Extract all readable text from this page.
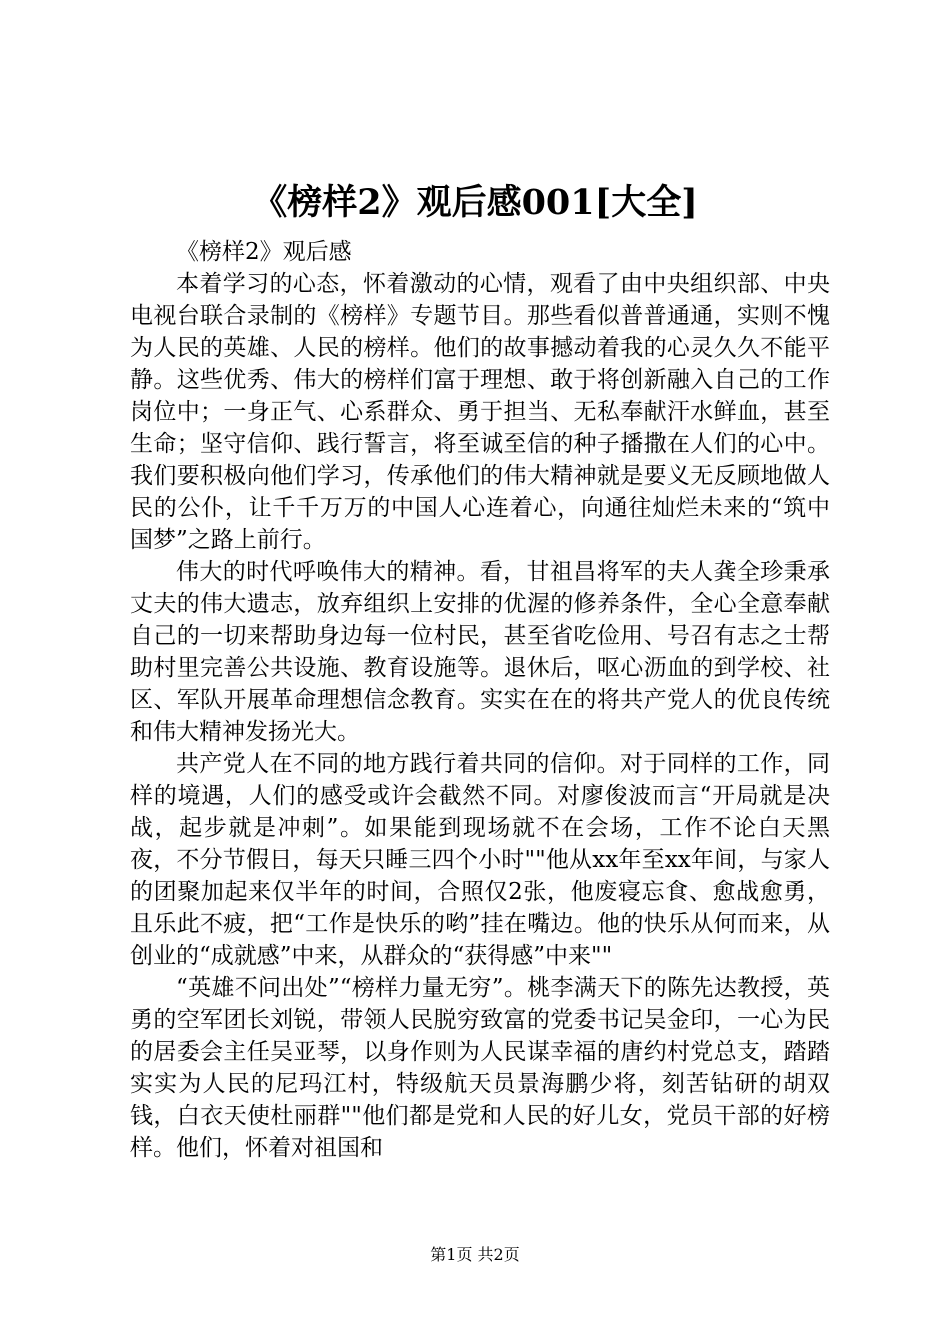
《榜样2》观后感001[大全]

《榜样2》观后感

本着学习的心态，怀着激动的心情，观看了由中央组织部、中央电视台联合录制的《榜样》专题节目。那些看似普普通通，实则不愧为人民的英雄、人民的榜样。他们的故事撼动着我的心灵久久不能平静。这些优秀、伟大的榜样们富于理想、敢于将创新融入自己的工作岗位中；一身正气、心系群众、勇于担当、无私奉献汗水鲜血，甚至生命；坚守信仰、践行誓言，将至诚至信的种子播撒在人们的心中。我们要积极向他们学习，传承他们的伟大精神就是要义无反顾地做人民的公仆，让千千万万的中国人心连着心，向通往灿烂未来的“筑中国梦”之路上前行。

伟大的时代呼唤伟大的精神。看，甘祖昌将军的夫人龚全珍秉承丈夫的伟大遗志，放弃组织上安排的优渥的修养条件，全心全意奉献自己的一切来帮助身边每一位村民，甚至省吃俭用、号召有志之士帮助村里完善公共设施、教育设施等。退休后，呕心沥血的到学校、社区、军队开展革命理想信念教育。实实在在的将共产党人的优良传统和伟大精神发扬光大。

共产党人在不同的地方践行着共同的信仰。对于同样的工作，同样的境遇，人们的感受或许会截然不同。对廖俊波而言“开局就是决战，起步就是冲刺”。如果能到现场就不在会场，工作不论白天黑夜，不分节假日，每天只睡三四个小时""他从xx年至xx年间，与家人的团聚加起来仅半年的时间，合照仅2张，他废寝忘食、愈战愈勇，且乐此不疲，把“工作是快乐的哟”挂在嘴边。他的快乐从何而来，从创业的“成就感”中来，从群众的“获得感”中来""

“英雄不问出处”“榜样力量无穷”。桃李满天下的陈先达教授，英勇的空军团长刘锐，带领人民脱穷致富的党委书记吴金印，一心为民的居委会主任吴亚琴，以身作则为人民谋幸福的唐约村党总支，踏踏实实为人民的尼玛江村，特级航天员景海鹏少将，刻苦钻研的胡双钱，白衣天使杜丽群""他们都是党和人民的好儿女，党员干部的好榜样。他们，怀着对祖国和

第1页 共2页
